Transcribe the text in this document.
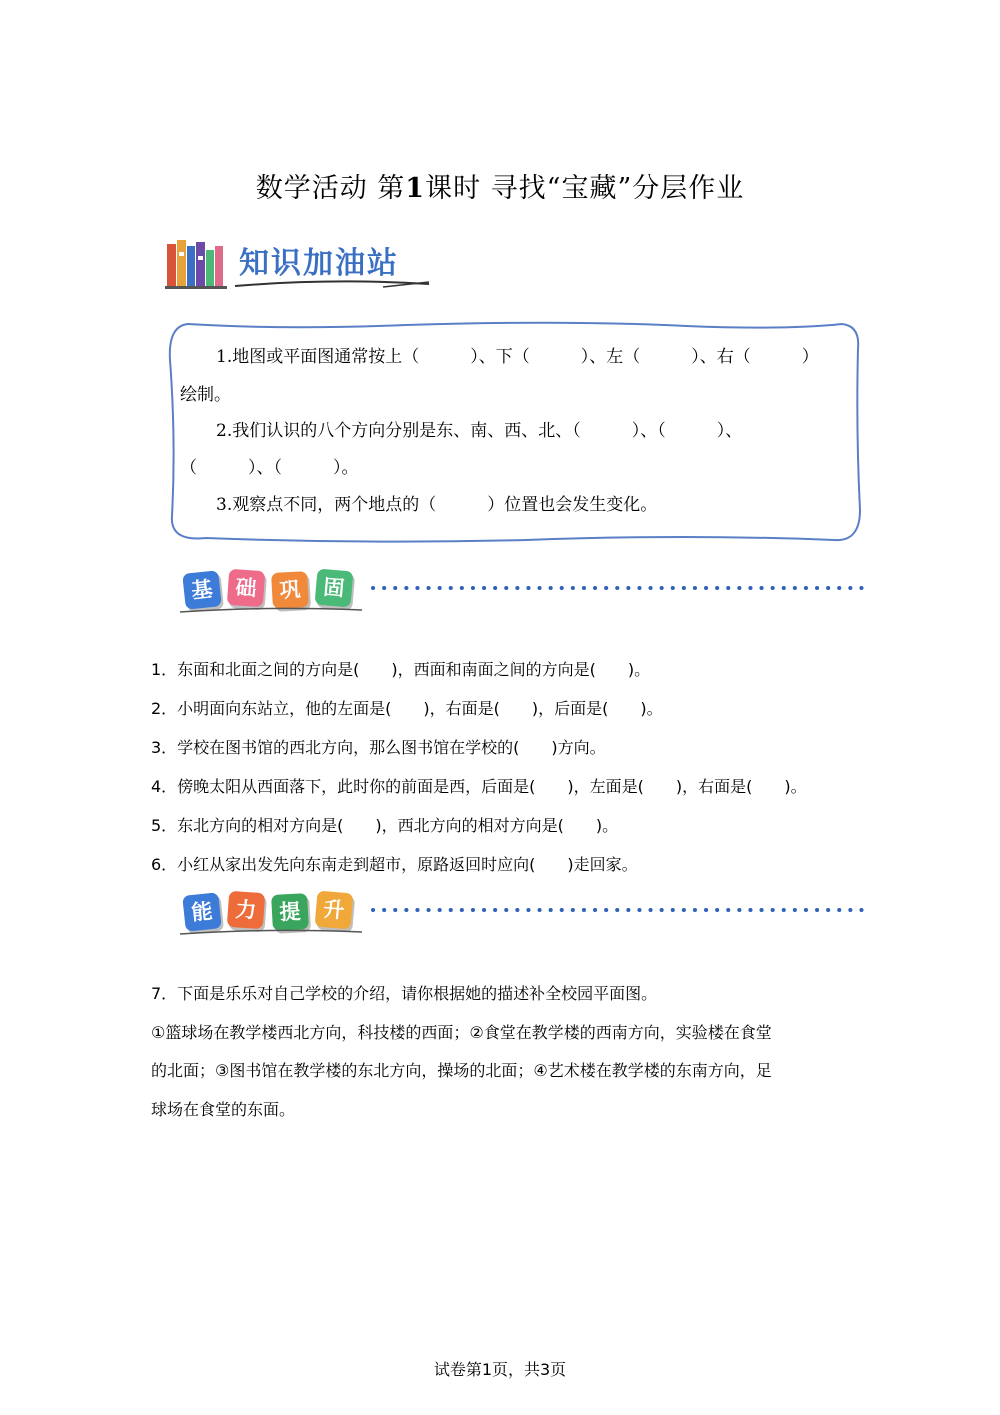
数学活动 第1课时 寻找“宝藏”分层作业
知识加油站
1.地图或平面图通常按上（　　　）、下（　　　）、左（　　　）、右（　　　）
绘制。
2.我们认识的八个方向分别是东、南、西、北、（　　　）、（　　　）、
（　　　）、（　　　）。
3.观察点不同，两个地点的（　　　）位置也会发生变化。
基 础	巩	固
1．东面和北面之间的方向是(　　)，西面和南面之间的方向是(　　)。
2．小明面向东站立，他的左面是(　　)，右面是(　　)，后面是(　　)。
3．学校在图书馆的西北方向，那么图书馆在学校的(　　)方向。
4．傍晚太阳从西面落下，此时你的前面是西，后面是(　　)，左面是(　　)，右面是(　　)。
5．东北方向的相对方向是(　　)，西北方向的相对方向是(　　)。
6．小红从家出发先向东南走到超市，原路返回时应向(　　)走回家。
能 力	提	升
7．下面是乐乐对自己学校的介绍，请你根据她的描述补全校园平面图。
①篮球场在教学楼西北方向，科技楼的西面；②食堂在教学楼的西南方向，实验楼在食堂
的北面；③图书馆在教学楼的东北方向，操场的北面；④艺术楼在教学楼的东南方向，足
球场在食堂的东面。
试卷第1页，共3页
